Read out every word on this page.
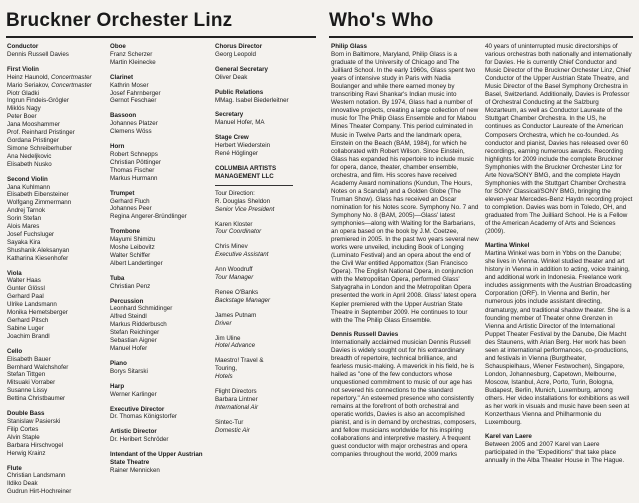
Bruckner Orchester Linz	Who's Who
Conductor
Dennis Russell Davies
First Violin
Heinz Haunold, Concertmaster
Mario Seriakov, Concertmaster
Piotr Gladki
Ingrun Findeis-Grögler
Miklós Nagy
Peter Boer
Jana Mooshammer
Prof. Reinhard Pristinger
Gordana Pristinger
Simone Schreiberhuber
Ana Nedeljkovic
Elisabeth Nusko
Second Violin
Jana Kuhlmann
Elisabeth Eibensteiner
Wolfgang Zimmermann
Andrej Tarnok
Sorin Stefan
Alois Mares
Josef Fuchsluger
Sayaka Kira
Shushanik Aleksanyan
Katharina Kiesenhofer
Viola
Walter Haas
Gunter Glössl
Gerhard Paal
Ulrike Landsmann
Monika Hemetsberger
Gerhard Pitsch
Sabine Luger
Joachim Brandl
Cello
Elisabeth Bauer
Bernhard Walchshofer
Stefan Tittgen
Mitsuaki Vorraber
Susanne Lissy
Bettina Christbaumer
Double Bass
Stanislaw Pasierski
Filip Cortes
Alvin Staple
Barbara Hirschvogel
Herwig Krainz
Flute
Christian Landsmann
Ildiko Deak
Gudrun Hirt-Hochreiner
Oboe
Franz Scherzer
Martin Kleinecke
Clarinet
Kathrin Moser
Josef Fahrnberger
Gernot Feschaer
Bassoon
Johannes Platzer
Clemens Wöss
Horn
Robert Schnepps
Christian Pöttinger
Thomas Fischer
Markus Hurmann
Trumpet
Gerhard Fluch
Johannes Peer
Regina Angerer-Bründlinger
Trombone
Mayumi Shimizu
Moshe Leibovitz
Walter Schiffer
Albert Landertinger
Tuba
Christian Penz
Percussion
Leonhard Schmidinger
Alfred Steindl
Markus Ridderbusch
Stefan Reichinger
Sebastian Aigner
Manuel Hofer
Piano
Borys Sitarski
Harp
Werner Karlinger
Executive Director
Dr. Thomas Königstorfer
Artistic Director
Dr. Heribert Schröder
Intendant of the Upper Austrian State Theatre
Rainer Mennicken
Chorus Director
Georg Leopold
General Secretary
Oliver Deak
Public Relations
MMag. Isabel Biederleitner
Secretary
Manuel Hofer, MA
Stage Crew
Herbert Wiederstein
René Höglinger
COLUMBIA ARTISTS MANAGEMENT LLC
Tour Direction:
R. Douglas Sheldon
Senior Vice President
Karen Kloster
Tour Coordinator
Chris Minev
Executive Assistant
Ann Woodruff
Tour Manager
Renee O'Banks
Backstage Manager
James Putnam
Driver
Jim Uline
Hotel Advance
Maestro! Travel &
Touring,
Hotels
Flight Directors
Barbara Lintner
International Air
Sintec-Tur
Domestic Air
Philip Glass
Born in Baltimore, Maryland, Philip Glass is a graduate of the University of Chicago and The Juilliard School. In the early 1960s, Glass spent two years of intensive study in Paris with Nadia Boulanger and while there earned money by transcribing Ravi Shankar's Indian music into Western notation. By 1974, Glass had a number of innovative projects, creating a large collection of new music for The Philip Glass Ensemble and for Mabou Mines Theater Company. This period culminated in Music in Twelve Parts and the landmark opera, Einstein on the Beach (BAM, 1984), for which he collaborated with Robert Wilson. Since Einstein, Glass has expanded his repertoire to include music for opera, dance, theater, chamber ensemble, orchestra, and film. His scores have received Academy Award nominations (Kundun, The Hours, Notes on a Scandal) and a Golden Globe (The Truman Show). Glass has received an Oscar nomination for his Notes score. Symphony No. 7 and Symphony No. 8 (BAM, 2005)—Glass' latest symphonies—along with Waiting for the Barbarians, an opera based on the book by J.M. Coetzee, premiered in 2005. In the past two years several new works were unveiled, including Book of Longing (Luminato Festival) and an opera about the end of the Civil War entitled Appomattox (San Francisco Opera). The English National Opera, in conjunction with the Metropolitan Opera, performed Glass' Satyagraha in London and the Metropolitan Opera presented the work in April 2008. Glass' latest opera Kepler premiered with the Upper Austrian State Theatre in September 2009. He continues to tour with the The Philip Glass Ensemble.
Dennis Russell Davies
Internationally acclaimed musician Dennis Russell Davies is widely sought out for his extraordinary breadth of repertoire, technical brilliance, and fearless music-making. A maverick in his field, he is hailed as "one of the few conductors whose unquestioned commitment to music of our age has not severed his connections to the standard repertory." An esteemed presence who consistently remains at the forefront of both orchestral and operatic worlds, Davies is also an accomplished pianist, and is in demand by orchestras, composers, and fellow musicians worldwide for his inspiring collaborations and interpretive mastery. A frequent guest conductor with major orchestras and opera companies throughout the world, 2009 marks
40 years of uninterrupted music directorships of various orchestras both nationally and internationally for Davies. He is currently Chief Conductor and Music Director of the Bruckner Orchester Linz, Chief Conductor of the Upper Austrian State Theatre, and Music Director of the Basel Symphony Orchestra in Basel, Switzerland. Additionally, Davies is Professor of Orchestral Conducting at the Salzburg Mozarteum, as well as Conductor Laureate of the Stuttgart Chamber Orchestra. In the US, he continues as Conductor Laureate of the American Composers Orchestra, which he co-founded. As conductor and pianist, Davies has released over 60 recordings, earning numerous awards. Recording highlights for 2009 include the complete Bruckner Symphonies with the Bruckner Orchester Linz for Arte Nova/SONY BMG, and the complete Haydn Symphonies with the Stuttgart Chamber Orchestra for SONY Classical/SONY BMG, bringing the eleven-year Mercedes-Benz Haydn recording project to completion. Davies was born in Toledo, OH, and graduated from The Juilliard School. He is a Fellow of the American Academy of Arts and Sciences (2009).
Martina Winkel
Martina Winkel was born in Ybbs on the Danube; she lives in Vienna. Winkel studied theater and art history in Vienna in addition to acting, voice training, and additional work in Indonesia. Freelance work includes assignments with the Austrian Broadcasting Corporation (ORF). In Vienna and Berlin, her numerous jobs include assistant directing, dramaturgy, and traditional shadow theater. She is a founding member of Theater ohne Grenzen in Vienna and Artistic Director of the International Puppet Theater Festival by the Danube, Die Macht des Staunens, with Arian Berg. Her work has been seen at international performances, co-productions, and festivals in Vienna (Burgtheater, Schauspielhaus, Wiener Festwochen), Singapore, London, Johannesburg, Capetown, Melbourne, Moscow, Istanbul, Acre, Porto, Turin, Bologna, Budapest, Berlin, Munich, Luxemburg, among others. Her video installations for exhibitions as well as her work in visuals and music have been seen at Konzerthaus Vienna and Philharmonie du Luxembourg.
Karel van Laere
Between 2005 and 2007 Karel van Laere participated in the "Expeditions" that take place annually in the Alba Theater House in The Hague.
